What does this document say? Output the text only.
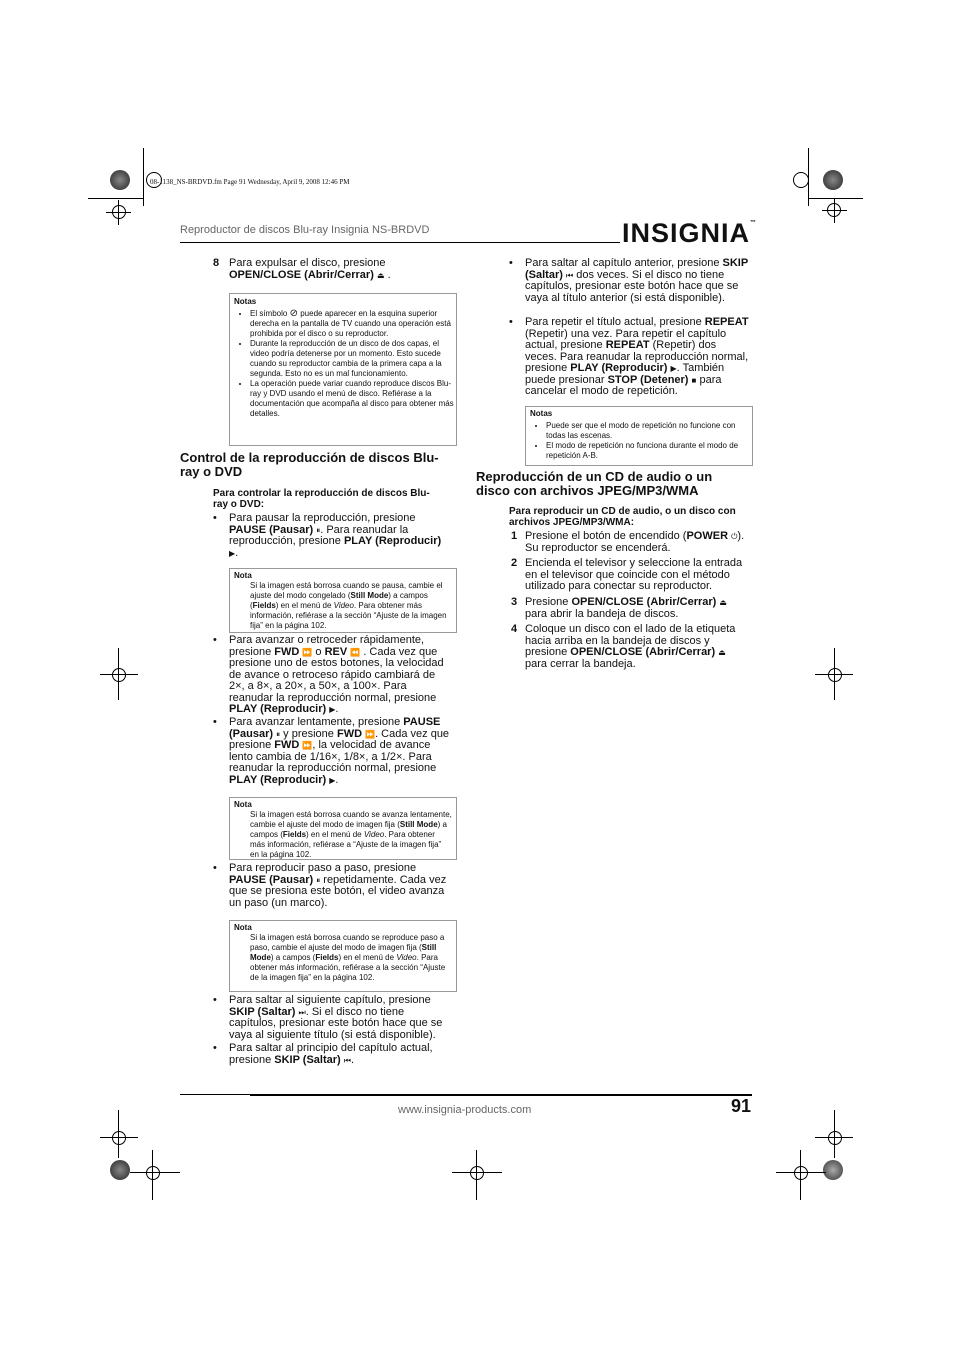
08-1138_NS-BRDVD.fm Page 91 Wednesday, April 9, 2008 12:46 PM
Reproductor de discos Blu-ray Insignia NS-BRDVD	INSIGNIA™
8 Para expulsar el disco, presione
OPEN/CLOSE (Abrir/Cerrar) ⏏ .

Notas
• El símbolo ⊘ puede aparecer en la esquina superior derecha en la pantalla de TV cuando una operación está prohibida por el disco o su reproductor.
• Durante la reproducción de un disco de dos capas, el video podría detenerse por un momento. Esto sucede cuando su reproductor cambia de la primera capa a la segunda. Esto no es un mal funcionamiento.
• La operación puede variar cuando reproduce discos Blu-ray y DVD usando el menú de disco. Refiérase a la documentación que acompaña al disco para obtener más detalles.
Control de la reproducción de discos Blu-ray o DVD
Para controlar la reproducción de discos Blu-ray o DVD:

• Para pausar la reproducción, presione PAUSE (Pausar) ⏸. Para reanudar la reproducción, presione PLAY (Reproducir) ▶.

Nota
Si la imagen está borrosa cuando se pausa, cambie el ajuste del modo congelado (Still Mode) a campos (Fields) en el menú de Video. Para obtener más información, refiérase a la sección “Ajuste de la imagen fija” en la página 102.

• Para avanzar o retroceder rápidamente, presione FWD ⏩ o REV ⏪ . Cada vez que presione uno de estos botones, la velocidad de avance o retroceso rápido cambiará de 2×, a 8×, a 20×, a 50×, a 100×. Para reanudar la reproducción normal, presione PLAY (Reproducir) ▶.

• Para avanzar lentamente, presione PAUSE (Pausar) ⏸ y presione FWD ⏩. Cada vez que presione FWD ⏩, la velocidad de avance lento cambia de 1/16×, 1/8×, a 1/2×. Para reanudar la reproducción normal, presione PLAY (Reproducir) ▶.

Nota
Si la imagen está borrosa cuando se avanza lentamente, cambie el ajuste del modo de imagen fija (Still Mode) a campos (Fields) en el menú de Video. Para obtener más información, refiérase a “Ajuste de la imagen fija” en la página 102.

• Para reproducir paso a paso, presione PAUSE (Pausar) ⏸ repetidamente. Cada vez que se presiona este botón, el video avanza un paso (un marco).

Nota
Si la imagen está borrosa cuando se reproduce paso a paso, cambie el ajuste del modo de imagen fija (Still Mode) a campos (Fields) en el menú de Video. Para obtener más información, refiérase a la sección “Ajuste de la imagen fija” en la página 102.

• Para saltar al siguiente capítulo, presione SKIP (Saltar) ⏭. Si el disco no tiene capítulos, presionar este botón hace que se vaya al siguiente título (si está disponible).

• Para saltar al principio del capítulo actual, presione SKIP (Saltar) ⏮.

• Para saltar al capítulo anterior, presione SKIP (Saltar) ⏮ dos veces. Si el disco no tiene capítulos, presionar este botón hace que se vaya al título anterior (si está disponible).

• Para repetir el título actual, presione REPEAT (Repetir) una vez. Para repetir el capítulo actual, presione REPEAT (Repetir) dos veces. Para reanudar la reproducción normal, presione PLAY (Reproducir) ▶. También puede presionar STOP (Detener) ■ para cancelar el modo de repetición.

Notas
• Puede ser que el modo de repetición no funcione con todas las escenas.
• El modo de repetición no funciona durante el modo de repetición A-B.
Reproducción de un CD de audio o un disco con archivos JPEG/MP3/WMA
Para reproducir un CD de audio, o un disco con archivos JPEG/MP3/WMA:
1 Presione el botón de encendido (POWER ⏻). Su reproductor se encenderá.

2 Encienda el televisor y seleccione la entrada en el televisor que coincide con el método utilizado para conectar su reproductor.

3 Presione OPEN/CLOSE (Abrir/Cerrar) ⏏ para abrir la bandeja de discos.

4 Coloque un disco con el lado de la etiqueta hacia arriba en la bandeja de discos y presione OPEN/CLOSE (Abrir/Cerrar) ⏏ para cerrar la bandeja.

www.insignia-products.com	91
